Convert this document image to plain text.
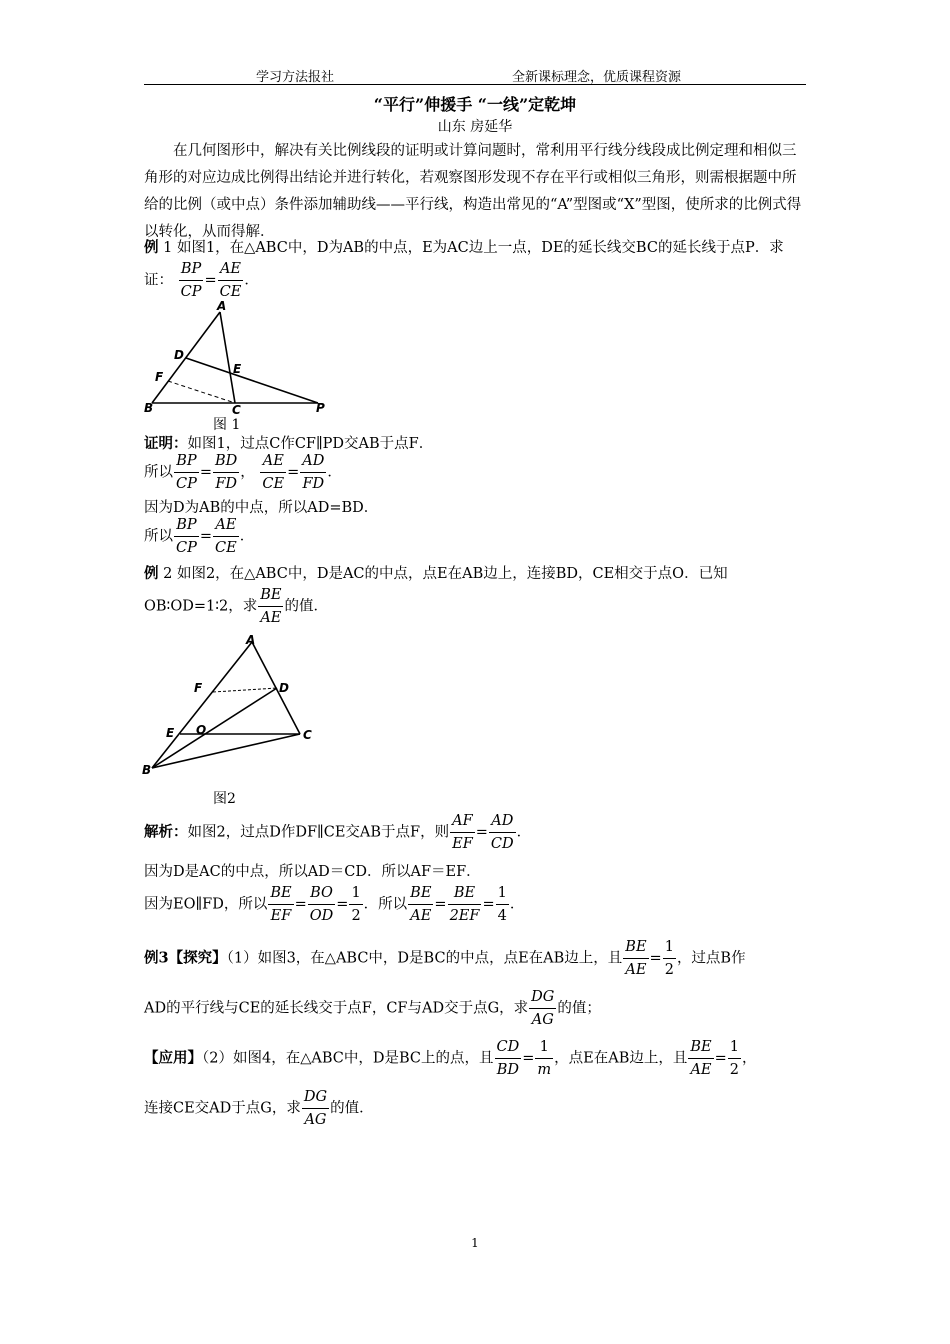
学习方法报社	全新课标理念，优质课程资源
“平行”伸援手 “一线”定乾坤
山东 房延华
在几何图形中，解决有关比例线段的证明或计算问题时，常利用平行线分线段成比例定理和相似三角形的对应边成比例得出结论并进行转化，若观察图形发现不存在平行或相似三角形，则需根据题中所给的比例（或中点）条件添加辅助线——平行线，构造出常见的“A”型图或“X”型图，使所求的比例式得以转化，从而得解．
例 1 如图1，在△ABC中，D为AB的中点，E为AC边上一点，DE的延长线交BC的延长线于点P．求证： $\frac{BP}{CP} = \frac{AE}{CE}$ ．
A
B	C
D
E
F
P
图 1
证明：如图1，过点C作CF∥PD交AB于点F．
所以 $\frac{BP}{CP} = \frac{BD}{FD}$ ， $\frac{AE}{CE} = \frac{AD}{FD}$ ．
因为D为AB的中点，所以AD=BD．
所以 $\frac{BP}{CP} = \frac{AE}{CE}$ ．
例 2 如图2，在△ABC中，D是AC的中点，点E在AB边上，连接BD，CE相交于点O．已知
OB∶OD=1∶2，求 $\frac{BE}{AE}$ 的值．
A
B
C
D
E
F
O
图2
解析：如图2，过点D作DF∥CE交AB于点F，则 $\frac{AF}{EF} = \frac{AD}{CD}$ ．
因为D是AC的中点，所以AD＝CD．所以AF＝EF．
因为EO∥FD，所以 $\frac{BE}{EF} = \frac{BO}{OD} = \frac{1}{2}$ ．所以 $\frac{BE}{AE} = \frac{BE}{2EF} = \frac{1}{4}$ ．
例3【探究】（1）如图3，在△ABC中，D是BC的中点，点E在AB边上，且 $\frac{BE}{AE} = \frac{1}{2}$ ，过点B作
AD的平行线与CE的延长线交于点F，CF与AD交于点G，求 $\frac{DG}{AG}$ 的值；
【应用】（2）如图4，在△ABC中，D是BC上的点，且 $\frac{CD}{BD} = \frac{1}{m}$ ，点E在AB边上，且 $\frac{BE}{AE} = \frac{1}{2}$ ，
连接CE交AD于点G，求 $\frac{DG}{AG}$ 的值．
1
